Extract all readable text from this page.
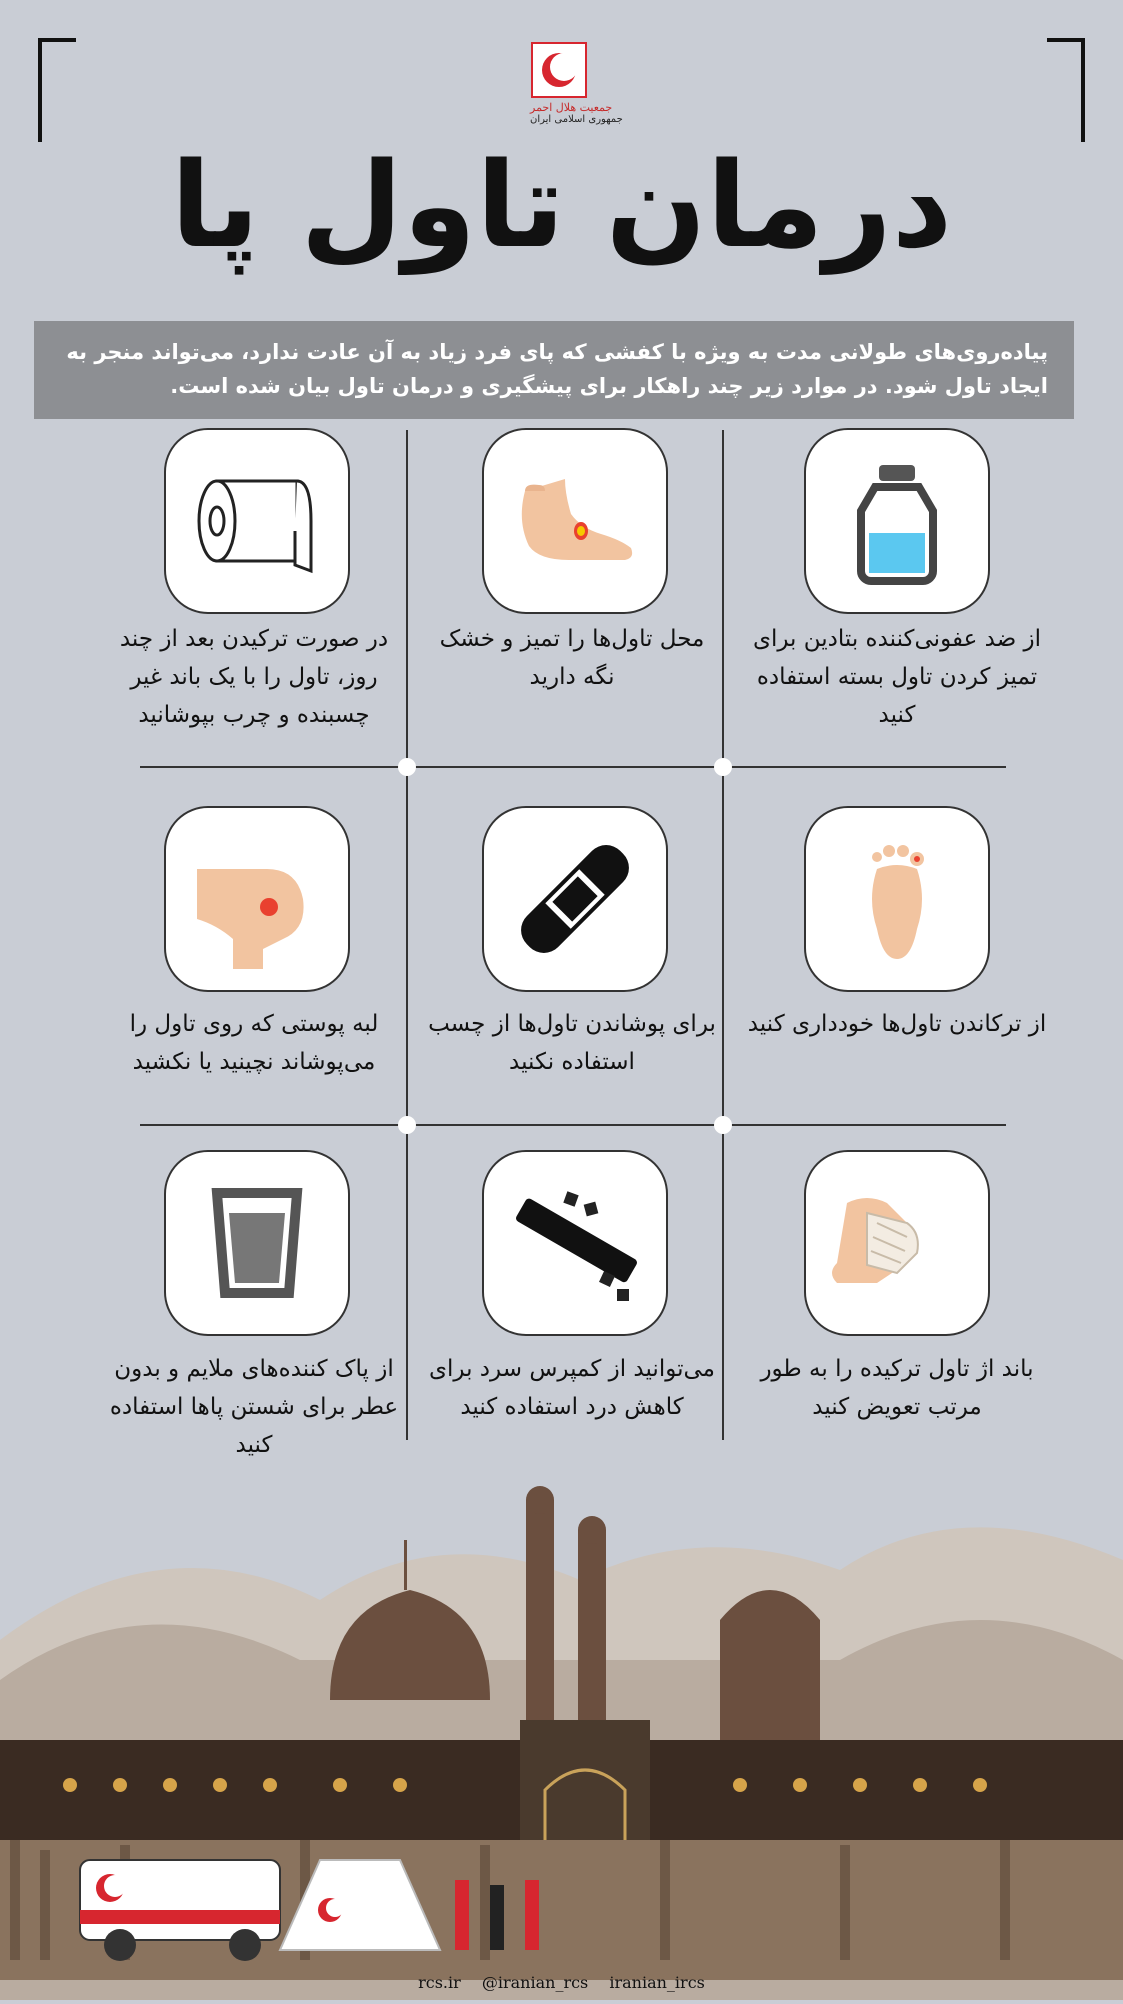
جمعیت هلال احمر
جمهوری اسلامی ایران
درمان تاول پا
پیاده‌روی‌های طولانی مدت به ویژه با کفشی که پای فرد زیاد به آن عادت ندارد، می‌تواند منجر به ایجاد تاول شود. در موارد زیر چند راهکار برای پیشگیری و درمان تاول بیان شده است.
از ضد عفونی‌کننده بتادین برای تمیز کردن تاول بسته استفاده کنید
محل تاول‌ها را تمیز و خشک نگه دارید
در صورت ترکیدن بعد از چند روز، تاول را با یک باند غیر چسبنده و چرب بپوشانید
از ترکاندن تاول‌ها خودداری کنید
برای پوشاندن تاول‌ها از چسب استفاده نکنید
لبه پوستی که روی تاول را می‌پوشاند نچینید یا نکشید
باند اژ تاول ترکیده را به طور مرتب تعویض کنید
می‌توانید از کمپرس سرد برای کاهش درد استفاده کنید
از پاک کننده‌های ملایم و بدون عطر برای شستن پاها استفاده کنید
rcs.ir @iranian_rcs iranian_ircs
